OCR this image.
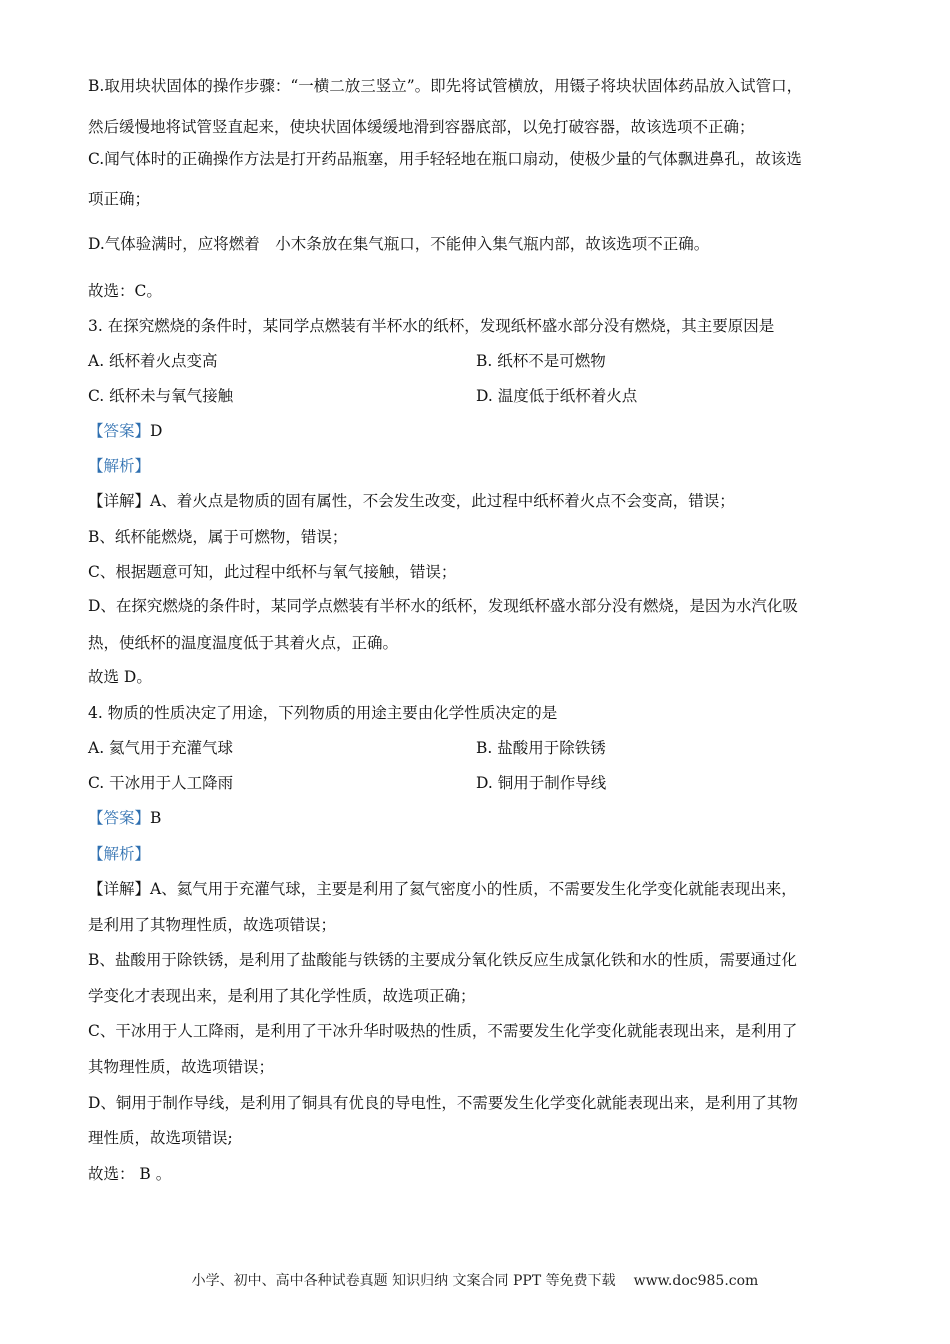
B.取用块状固体的操作步骤：“一横二放三竖立”。即先将试管横放，用镊子将块状固体药品放入试管口，
然后缓慢地将试管竖直起来，使块状固体缓缓地滑到容器底部，以免打破容器，故该选项不正确；
C.闻气体时的正确操作方法是打开药品瓶塞，用手轻轻地在瓶口扇动，使极少量的气体飘进鼻孔，故该选
项正确；
D.气体验满时，应将燃着　小木条放在集气瓶口，不能伸入集气瓶内部，故该选项不正确。
故选：C。
3. 在探究燃烧的条件时，某同学点燃装有半杯水的纸杯，发现纸杯盛水部分没有燃烧，其主要原因是
A. 纸杯着火点变高	B. 纸杯不是可燃物
C. 纸杯未与氧气接触	D. 温度低于纸杯着火点
【答案】D
【解析】
【详解】A、着火点是物质的固有属性，不会发生改变，此过程中纸杯着火点不会变高，错误；
B、纸杯能燃烧，属于可燃物，错误；
C、根据题意可知，此过程中纸杯与氧气接触，错误；
D、在探究燃烧的条件时，某同学点燃装有半杯水的纸杯，发现纸杯盛水部分没有燃烧，是因为水汽化吸
热，使纸杯的温度温度低于其着火点，正确。
故选 D。
4. 物质的性质决定了用途，下列物质的用途主要由化学性质决定的是
A. 氦气用于充灌气球	B. 盐酸用于除铁锈
C. 干冰用于人工降雨	D. 铜用于制作导线
【答案】B
【解析】
【详解】A、氦气用于充灌气球，主要是利用了氦气密度小的性质，不需要发生化学变化就能表现出来，
是利用了其物理性质，故选项错误；
B、盐酸用于除铁锈，是利用了盐酸能与铁锈的主要成分氧化铁反应生成氯化铁和水的性质，需要通过化
学变化才表现出来，是利用了其化学性质，故选项正确；
C、干冰用于人工降雨，是利用了干冰升华时吸热的性质，不需要发生化学变化就能表现出来，是利用了
其物理性质，故选项错误；
D、铜用于制作导线，是利用了铜具有优良的导电性，不需要发生化学变化就能表现出来，是利用了其物
理性质，故选项错误;
故选： B 。
小学、初中、高中各种试卷真题 知识归纳 文案合同 PPT 等免费下载 www.doc985.com
